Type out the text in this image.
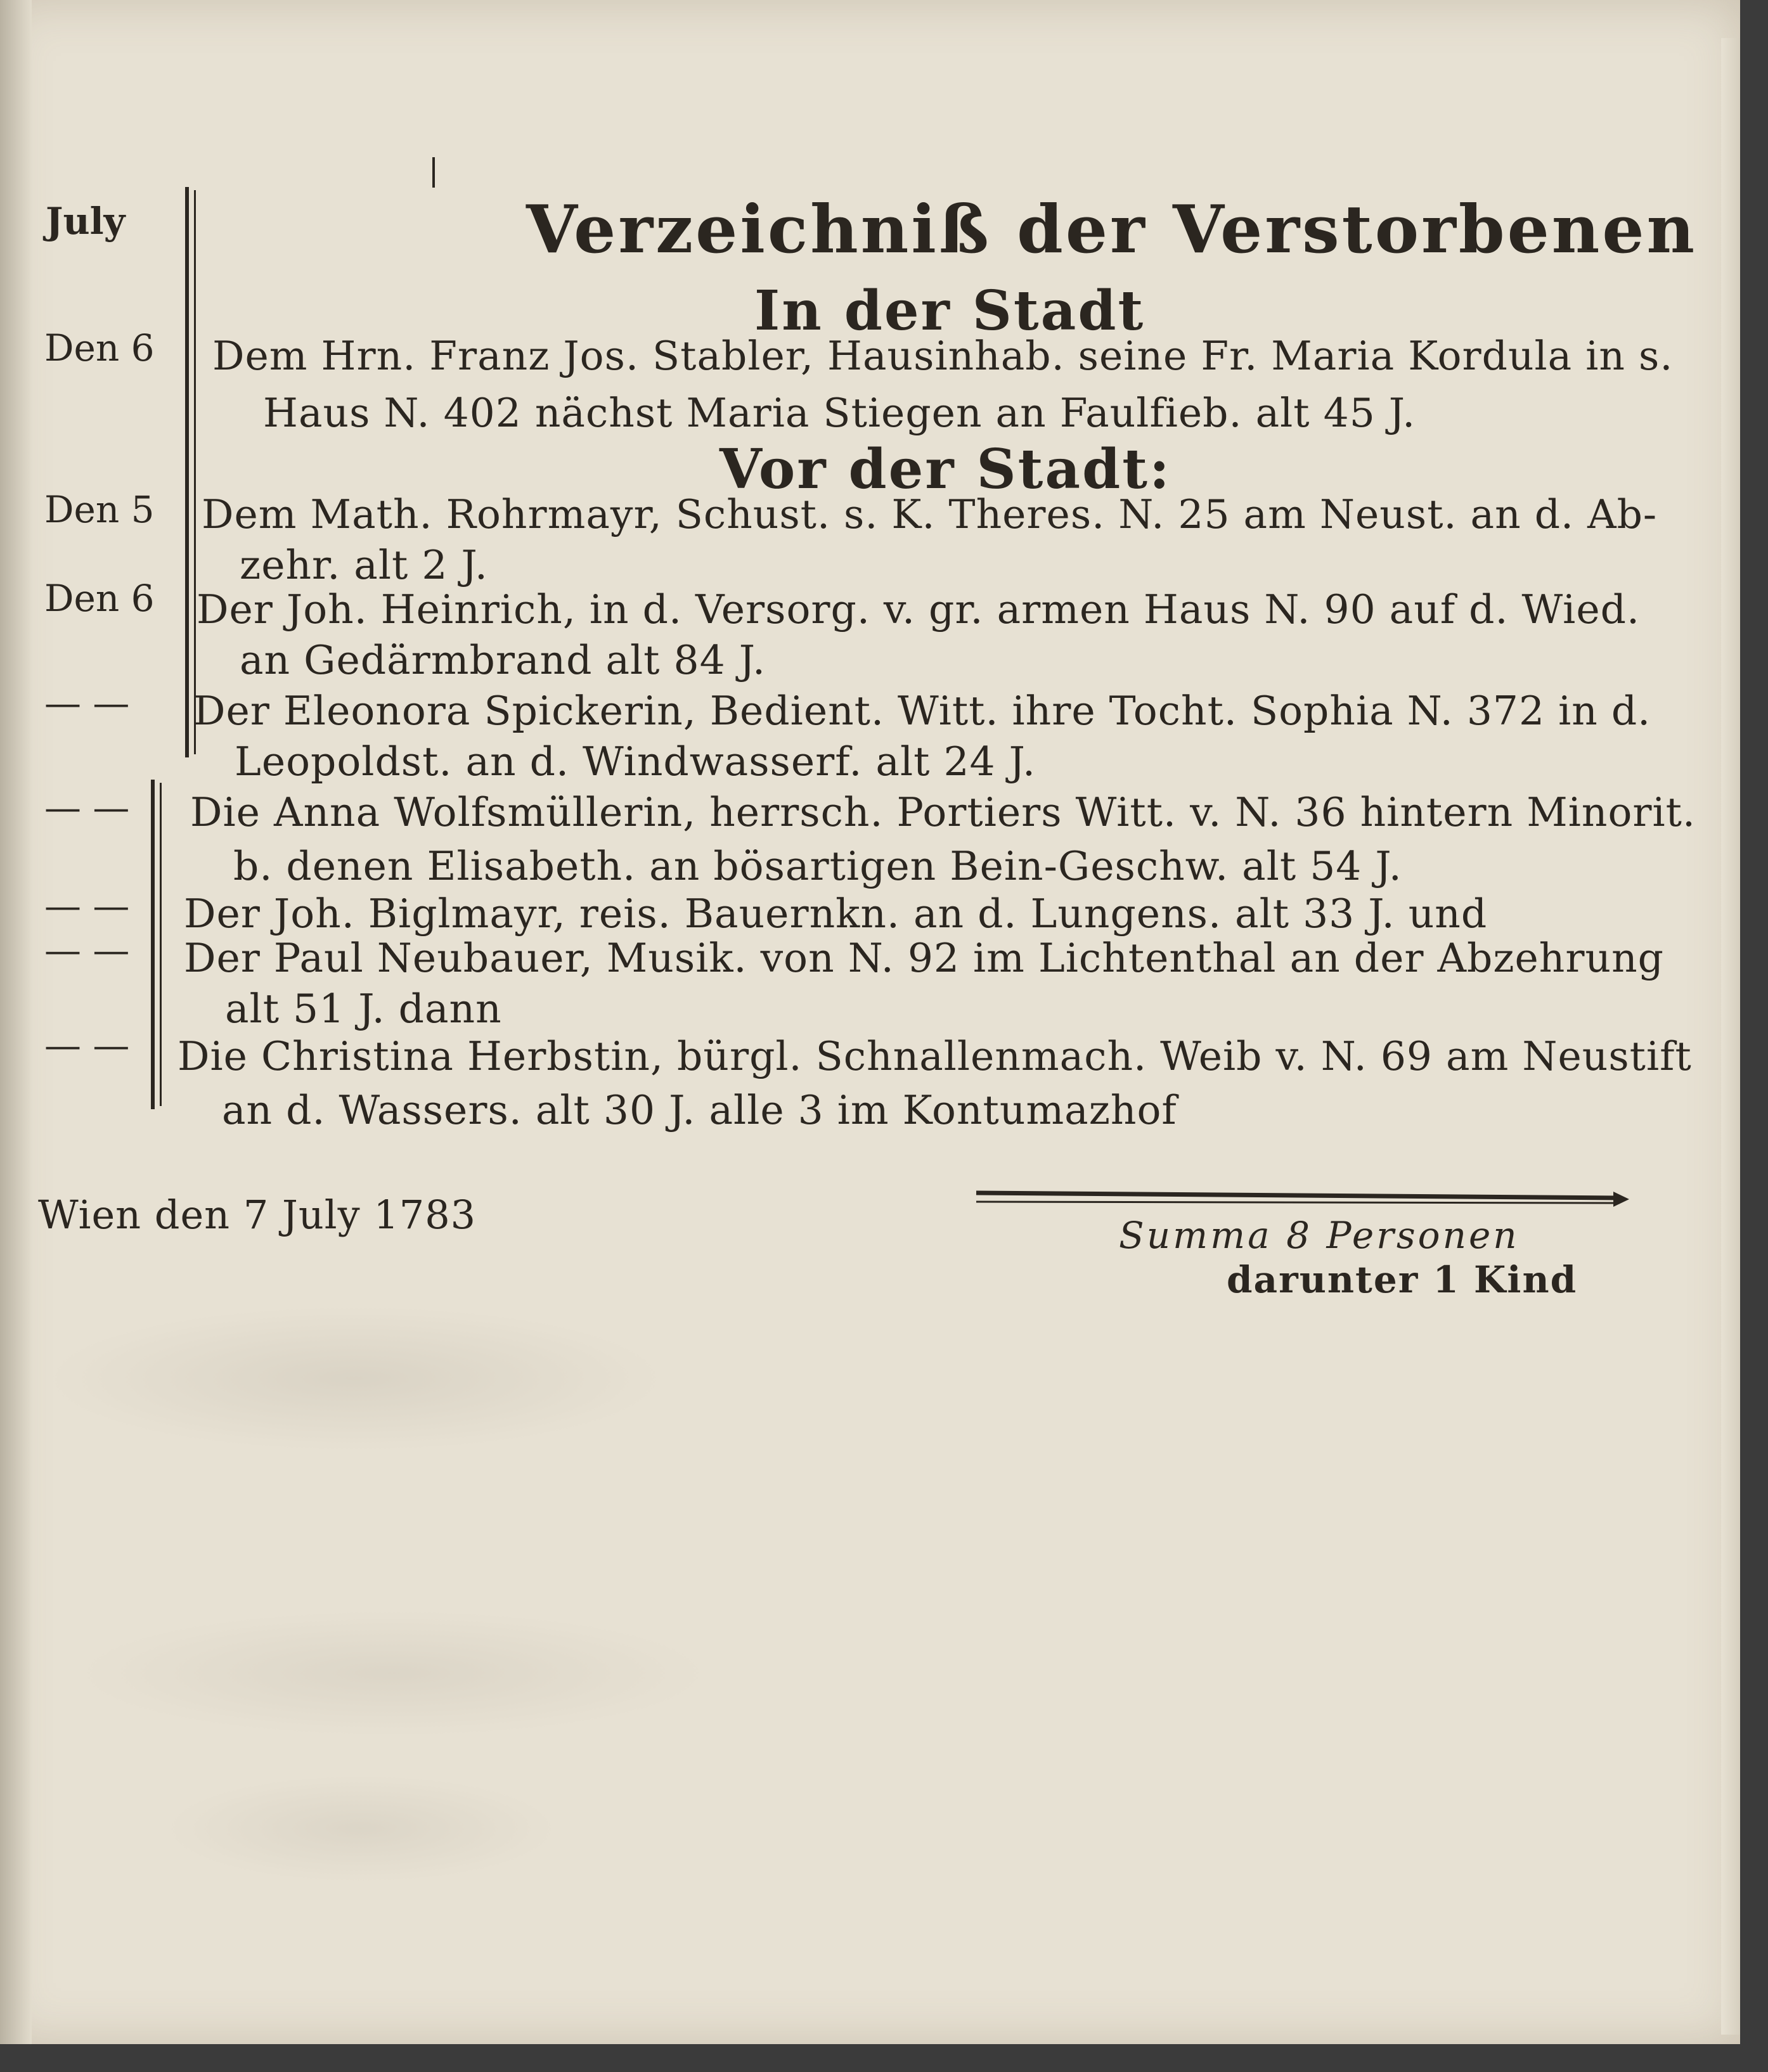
Verzeichniß der Verstorbenen
In der Stadt
July
Den 6 Dem Hrn. Franz Jos. Stabler, Hausinhab. seine Fr. Maria Kordula in s.
Haus N. 402 nächst Maria Stiegen an Faulfieb. alt 45 J.
Vor der Stadt:
Den 5 Dem Math. Rohrmayr, Schust. s. K. Theres. N. 25 am Neust. an d. Ab-
zehr. alt 2 J.
Den 6 Der Joh. Heinrich, in d. Versorg. v. gr. armen Haus N. 90 auf d. Wied.
an Gedärmbrand alt 84 J.
— — Der Eleonora Spickerin, Bedient. Witt. ihre Tocht. Sophia N. 372 in d.
Leopoldst. an d. Windwasserf. alt 24 J.
— — Die Anna Wolfsmüllerin, herrsch. Portiers Witt. v. N. 36 hintern Minorit.
b. denen Elisabeth. an bösartigen Bein-Geschw. alt 54 J.
— — Der Joh. Biglmayr, reis. Bauernkn. an d. Lungens. alt 33 J. und
— — Der Paul Neubauer, Musik. von N. 92 im Lichtenthal an der Abzehrung
alt 51 J. dann
— — Die Christina Herbstin, bürgl. Schnallenmach. Weib v. N. 69 am Neustift
an d. Wassers. alt 30 J. alle 3 im Kontumazhof
Wien den 7 July 1783	Summa 8 Personen
darunter 1 Kind
